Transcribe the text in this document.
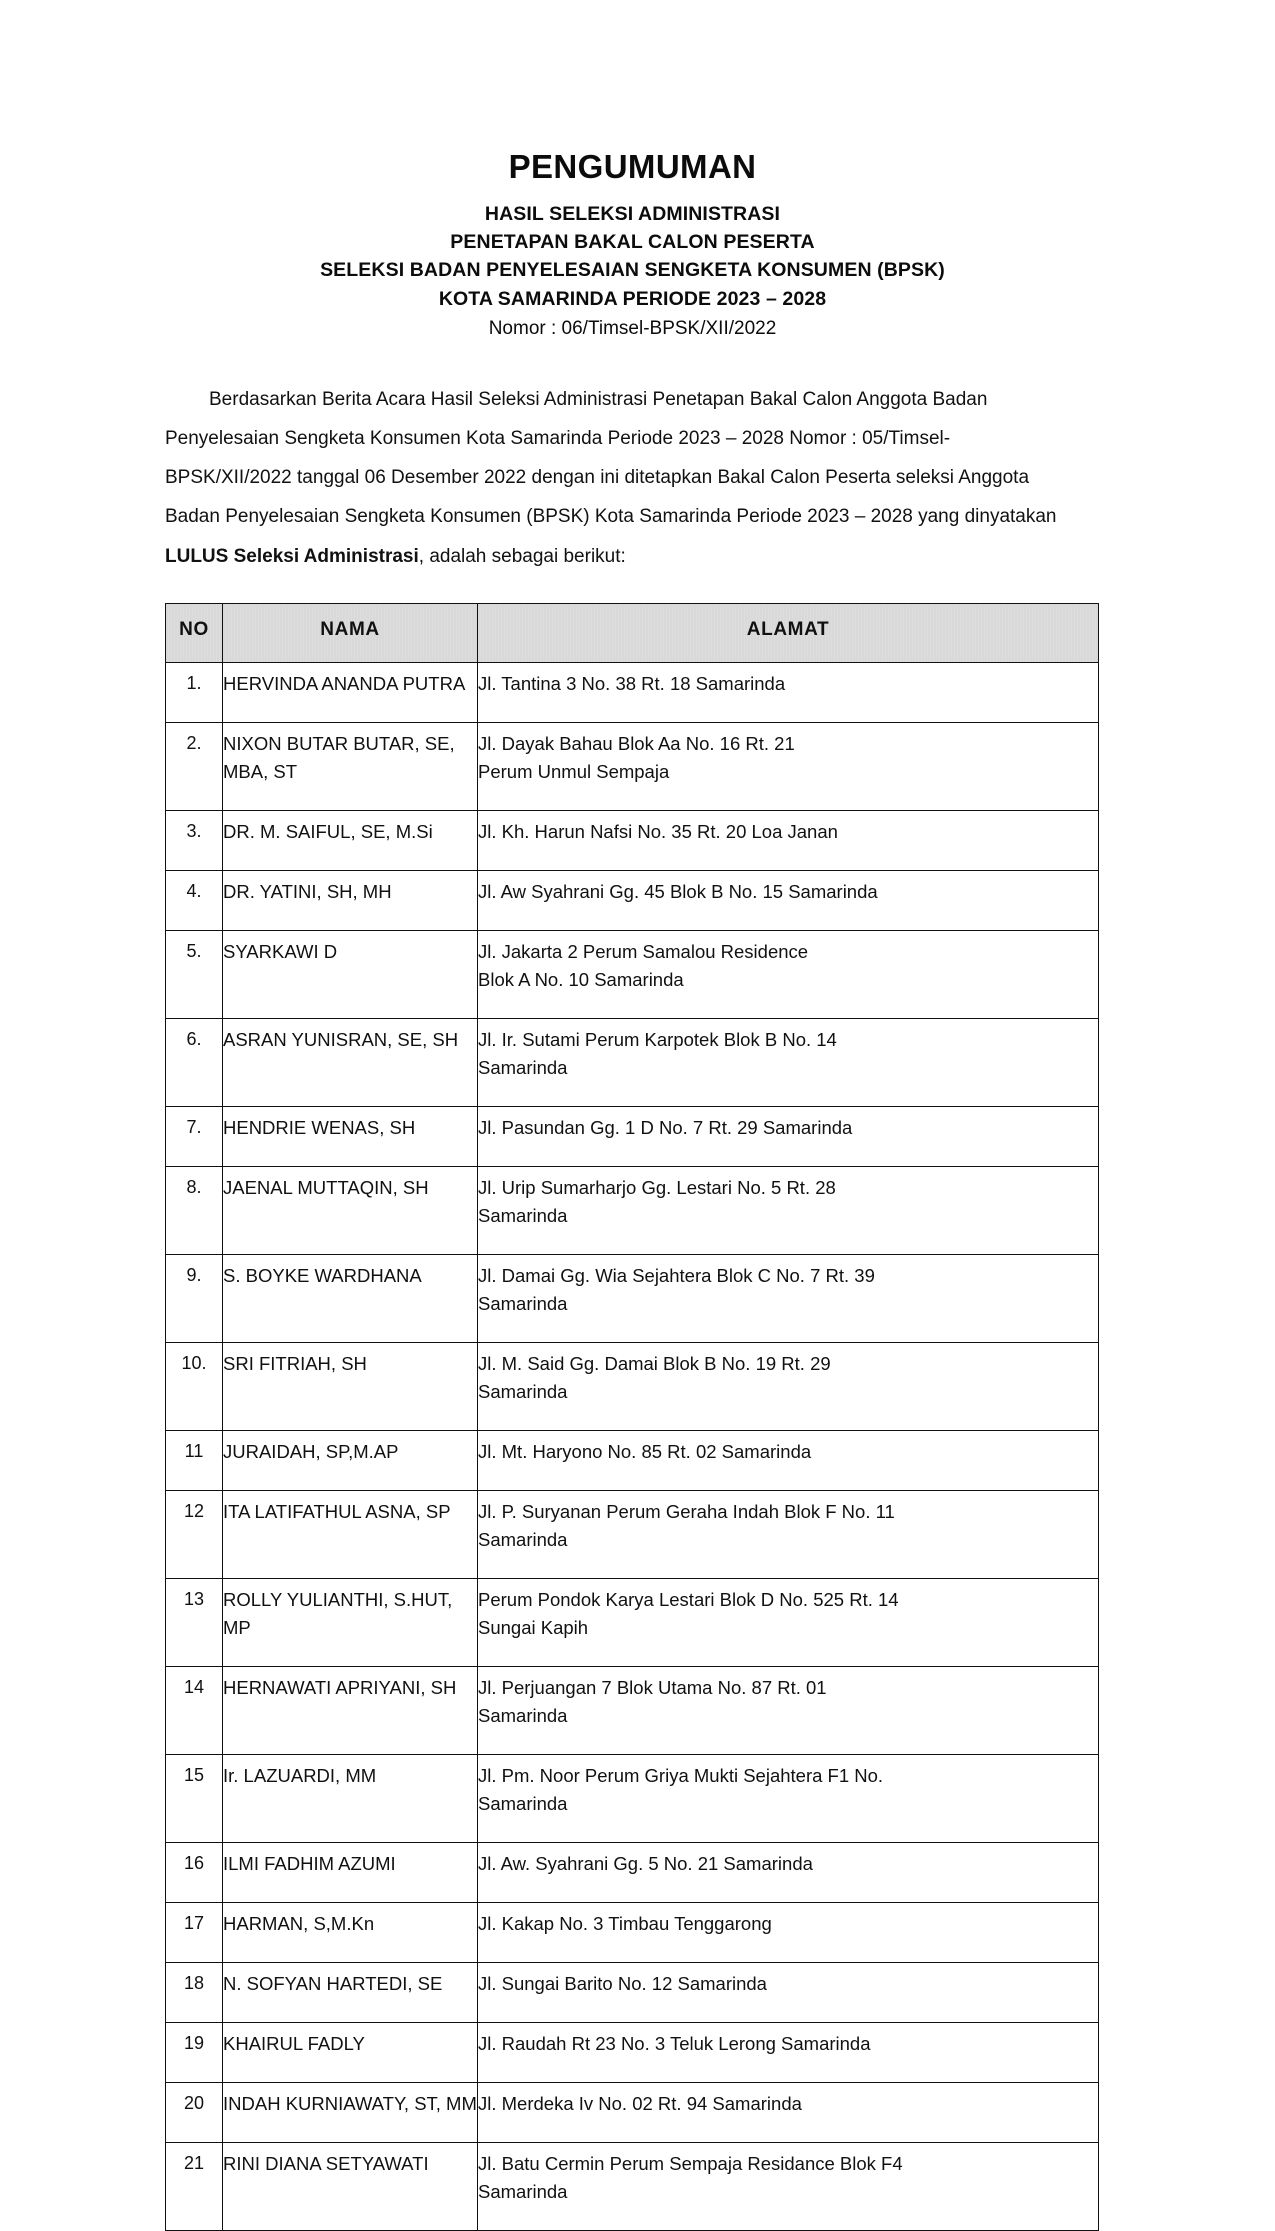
PENGUMUMAN
HASIL SELEKSI ADMINISTRASI
PENETAPAN BAKAL CALON PESERTA
SELEKSI BADAN PENYELESAIAN SENGKETA KONSUMEN (BPSK)
KOTA SAMARINDA PERIODE 2023 – 2028
Nomor : 06/Timsel-BPSK/XII/2022
Berdasarkan Berita Acara Hasil Seleksi Administrasi Penetapan Bakal Calon Anggota Badan
Penyelesaian Sengketa Konsumen Kota Samarinda Periode 2023 – 2028 Nomor : 05/Timsel-
BPSK/XII/2022 tanggal 06 Desember 2022 dengan ini ditetapkan Bakal Calon Peserta seleksi Anggota
Badan Penyelesaian Sengketa Konsumen (BPSK) Kota Samarinda Periode 2023 – 2028 yang dinyatakan
LULUS Seleksi Administrasi, adalah sebagai berikut:
NO	NAMA	ALAMAT
1.	HERVINDA ANANDA PUTRA	Jl. Tantina 3 No. 38 Rt. 18 Samarinda
2.	NIXON BUTAR BUTAR, SE, MBA, ST	Jl. Dayak Bahau Blok Aa No. 16 Rt. 21
Perum Unmul Sempaja

3.	DR. M. SAIFUL, SE, M.Si	Jl. Kh. Harun Nafsi No. 35 Rt. 20 Loa Janan
4.	DR. YATINI, SH, MH	Jl. Aw Syahrani Gg. 45 Blok B No. 15 Samarinda
5.	SYARKAWI D	Jl. Jakarta 2 Perum Samalou Residence
Blok A No. 10 Samarinda

6.	ASRAN YUNISRAN, SE, SH	Jl. Ir. Sutami Perum Karpotek Blok B No. 14
Samarinda

7.	HENDRIE WENAS, SH	Jl. Pasundan Gg. 1 D No. 7 Rt. 29 Samarinda
8.	JAENAL MUTTAQIN, SH	Jl. Urip Sumarharjo Gg. Lestari No. 5 Rt. 28
Samarinda

9.	S. BOYKE WARDHANA	Jl. Damai Gg. Wia Sejahtera Blok C No. 7 Rt. 39
Samarinda

10.	SRI FITRIAH, SH	Jl. M. Said Gg. Damai Blok B No. 19 Rt. 29
Samarinda

11	JURAIDAH, SP,M.AP	Jl. Mt. Haryono No. 85 Rt. 02 Samarinda
12	ITA LATIFATHUL ASNA, SP	Jl. P. Suryanan Perum Geraha Indah Blok F No. 11
Samarinda

13	ROLLY YULIANTHI, S.HUT, MP	Perum Pondok Karya Lestari Blok D No. 525 Rt. 14
Sungai Kapih

14	HERNAWATI APRIYANI, SH	Jl. Perjuangan 7 Blok Utama No. 87 Rt. 01
Samarinda

15	Ir. LAZUARDI, MM	Jl. Pm. Noor Perum Griya Mukti Sejahtera F1 No.
Samarinda

16	ILMI FADHIM AZUMI	Jl. Aw. Syahrani Gg. 5 No. 21 Samarinda
17	HARMAN, S,M.Kn	Jl. Kakap No. 3 Timbau Tenggarong
18	N. SOFYAN HARTEDI, SE	Jl. Sungai Barito No. 12 Samarinda
19	KHAIRUL FADLY	Jl. Raudah Rt 23 No. 3 Teluk Lerong Samarinda
20	INDAH KURNIAWATY, ST, MM	Jl. Merdeka Iv No. 02 Rt. 94 Samarinda
21	RINI DIANA SETYAWATI	Jl. Batu Cermin Perum Sempaja Residance Blok F4
Samarinda
